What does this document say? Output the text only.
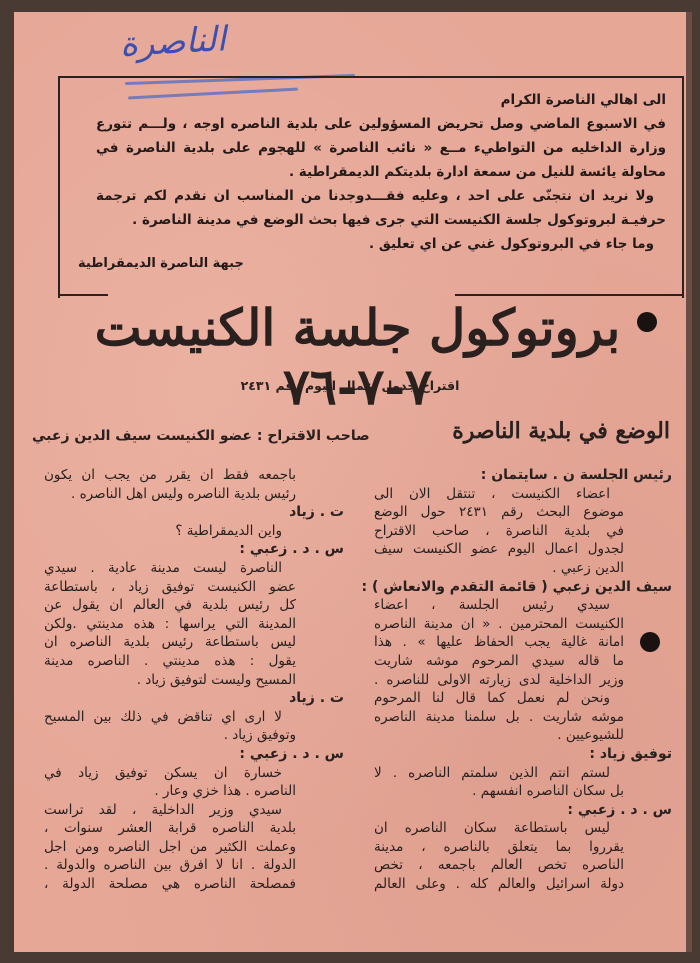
الناصرة

الى اهالي الناصرة الكرام

في الاسبوع الماضي وصل تحريض المسؤولين على بلدية الناصره اوجه ، ولـــم تتورع وزارة الداخليه من التواطيء مــع « نائب الناصرة » للهجوم على بلدية الناصرة في محاولة يائسة للنيل من سمعة ادارة بلديتكم الديمقراطية .

ولا نريد ان نتجنّى على احد ، وعليه فقـــدوجدنا من المناسب ان نقدم لكم ترجمة حرفيـة لبروتوكول جلسة الكنيست التي جرى فيها بحث الوضع في مدينة الناصرة .

وما جاء في البروتوكول غني عن اي تعليق .

جبهة الناصرة الديمقراطية
بروتوكول جلسة الكنيست ٧-٧-٧٦
اقتراح جدول اعمال اليوم رقم ٢٤٣١
الوضع في بلدية الناصرة
صاحب الاقتراح : عضو الكنيست سيف الدين زعبي
رئيس الجلسة ن . سايتمان :
اعضاء الكنيست ، تنتقل الان الى
موضوع البحث رقم ٢٤٣١ حول الوضع
في بلدية الناصرة ، صاحب الاقتراح
لجدول اعمال اليوم عضو الكنيست سيف
الدين زعبي .
سيف الدين زعبي ( قائمة التقدم والانعاش ) :
سيدي رئيس الجلسة ، اعضاء
الكنيست المحترمين . « ان مدينة الناصره
امانة غالية يجب الحفاظ عليها » . هذا
ما قاله سيدي المرحوم موشه شاريت
وزير الداخلية لدى زيارته الاولى للناصره .
ونحن لم نعمل كما قال لنا المرحوم
موشه شاريت . بل سلمنا مدينة الناصره
للشيوعيين .
توفيق زياد :
لستم انتم الذين سلمتم الناصره . لا
بل سكان الناصره انفسهم .
س . د . زعبي :
ليس باستطاعة سكان الناصره ان
يقرروا بما يتعلق بالناصره ، مدينة
الناصره تخص العالم باجمعه ، تخص
دولة اسرائيل والعالم كله . وعلى العالم
باجمعه فقط ان يقرر من يجب ان يكون
رئيس بلدية الناصره وليس اهل الناصره .
ت . زياد
واين الديمقراطية ؟
س . د . زعبي :
الناصرة ليست مدينة عادية . سيدي
عضو الكنيست توفيق زياد ، باستطاعة
كل رئيس بلدية في العالم ان يقول عن
المدينة التي يراسها : هذه مدينتي .ولكن
ليس باستطاعة رئيس بلدية الناصره ان
يقول : هذه مدينتي . الناصره مدينة
المسيح وليست لتوفيق زياد .
ت . زياد
لا ارى اي تناقض في ذلك بين المسيح
وتوفيق زياد .
س . د . زعبي :
خسارة ان يسكن توفيق زياد في
الناصره . هذا خزي وعار .
سيدي وزير الداخلية ، لقد تراست
بلدية الناصره قرابة العشر سنوات ،
وعملت الكثير من اجل الناصره ومن اجل
الدولة . انا لا افرق بين الناصره والدولة .
فمصلحة الناصره هي مصلحة الدولة ،
